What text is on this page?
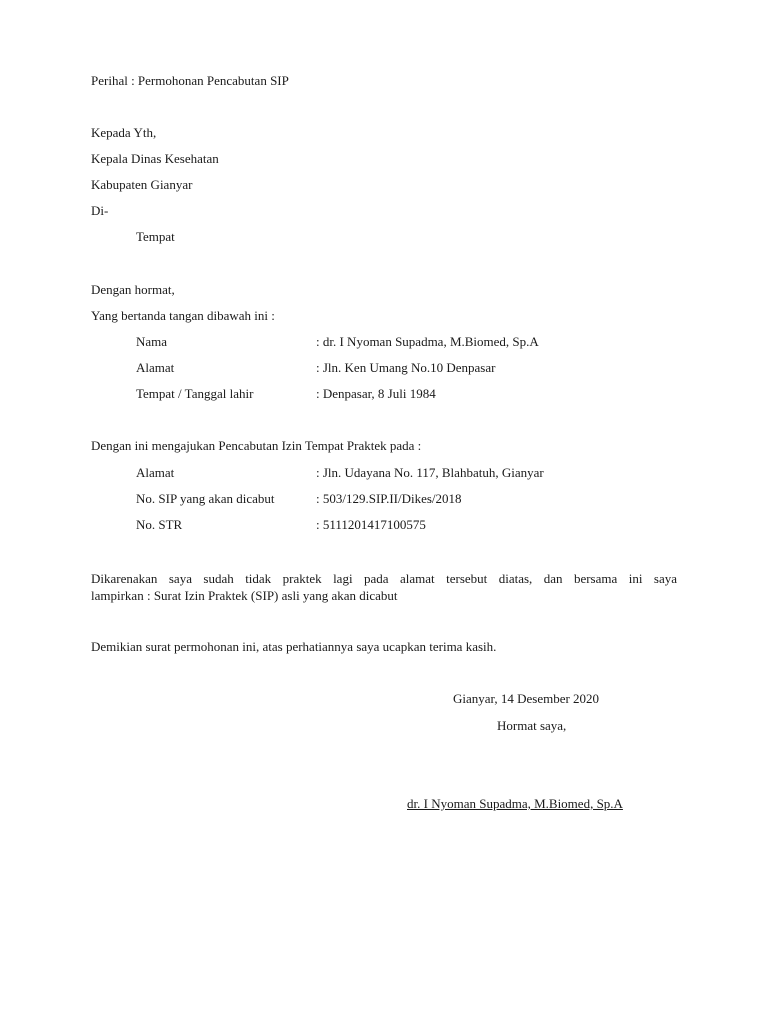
Perihal : Permohonan Pencabutan SIP
Kepada Yth,
Kepala Dinas Kesehatan
Kabupaten Gianyar
Di-
Tempat
Dengan hormat,
Yang bertanda tangan dibawah ini :
Nama	: dr. I Nyoman Supadma, M.Biomed, Sp.A
Alamat	: Jln. Ken Umang No.10 Denpasar
Tempat / Tanggal lahir	: Denpasar, 8 Juli 1984
Dengan ini mengajukan Pencabutan Izin Tempat Praktek pada :
Alamat	: Jln. Udayana No. 117, Blahbatuh, Gianyar
No. SIP yang akan dicabut	: 503/129.SIP.II/Dikes/2018
No. STR	: 5111201417100575
Dikarenakan saya sudah tidak praktek lagi pada alamat tersebut diatas, dan bersama ini saya
lampirkan : Surat Izin Praktek (SIP) asli yang akan dicabut
Demikian surat permohonan ini, atas perhatiannya saya ucapkan terima kasih.
Gianyar, 14 Desember 2020
Hormat saya,
dr. I Nyoman Supadma, M.Biomed, Sp.A
